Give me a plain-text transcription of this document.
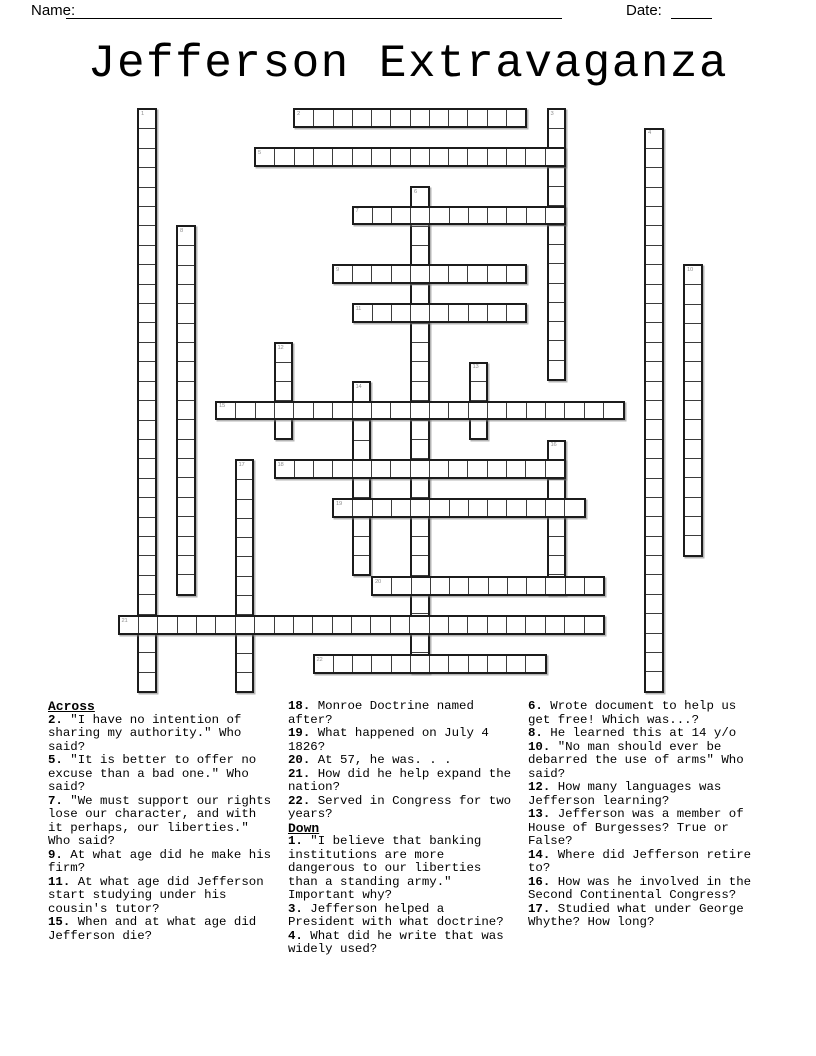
Name:	Date:
Jefferson Extravaganza
1	2	3
4
5
6
7
8
9	10
11
12
13
14
15
16
17	18
19
20
21
22
Across
2. "I have no intention of sharing my authority." Who said?
5. "It is better to offer no excuse than a bad one." Who said?
7. "We must support our rights lose our character, and with it perhaps, our liberties." Who said?
9. At what age did he make his firm?
11. At what age did Jefferson start studying under his cousin's tutor?
15. When and at what age did Jefferson die?
18. Monroe Doctrine named after?
19. What happened on July 4 1826?
20. At 57, he was. . .
21. How did he help expand the nation?
22. Served in Congress for two years?
Down
1. "I believe that banking institutions are more dangerous to our liberties than a standing army." Important why?
3. Jefferson helped a President with what doctrine?
4. What did he write that was widely used?
6. Wrote document to help us get free! Which was...?
8. He learned this at 14 y/o
10. "No man should ever be debarred the use of arms" Who said?
12. How many languages was Jefferson learning?
13. Jefferson was a member of House of Burgesses? True or False?
14. Where did Jefferson retire to?
16. How was he involved in the Second Continental Congress?
17. Studied what under George Whythe? How long?
